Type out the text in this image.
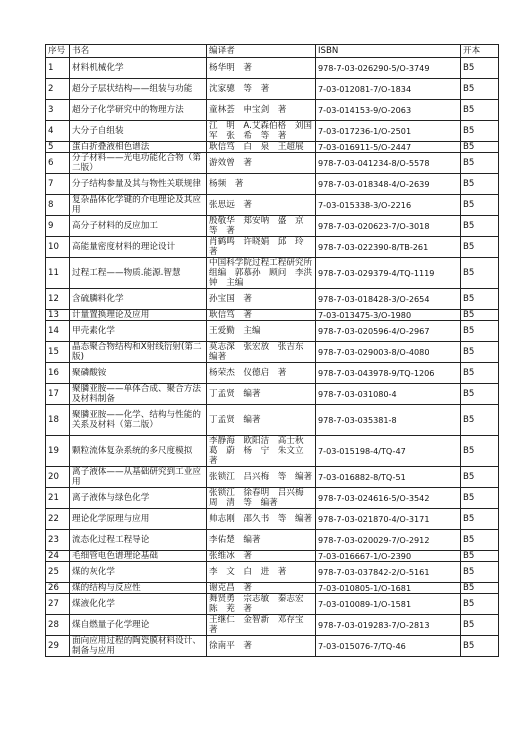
序号	书名	编译者	ISBN	开本
1	材料机械化学	杨华明　著	978-7-03-026290-5/O-3749	B5
2	超分子层状结构——组装与功能	沈家骢　等　著	7-03-012081-7/O-1834	B5
3	超分子化学研究中的物理方法	童林荟　申宝剑　著	7-03-014153-9/O-2063	B5
4	大分子自组装	江　明　A.艾森伯格　刘国军　张　希　等　著	7-03-017236-1/O-2501	B5
5	蛋白折叠液相色谱法	耿信笃　白　泉　王超展	7-03-016911-5/O-2447	B5
6	分子材料——光电功能化合物（第二版）	游效曾　著	978-7-03-041234-8/O-5578	B5
7	分子结构参量及其与物性关联规律	杨频　著	978-7-03-018348-4/O-2639	B5
8	复杂晶体化学键的介电理论及其应用	张思远　著	7-03-015338-3/O-2216	B5
9	高分子材料的反应加工	殷敬华　郑安呐　盛　京　等　著	978-7-03-020623-7/O-3018	B5
10	高能量密度材料的理论设计	肖鹤鸣　许晓娟　邱　玲　著	978-7-03-022390-8/TB-261	B5
11	过程工程——物质.能源.智慧	中国科学院过程工程研究所　组编　郭慕孙　顾问　李洪钟　主编	978-7-03-029379-4/TQ-1119	B5
12	含硫膦料化学	孙宝国　著	978-7-03-018428-3/O-2654	B5
13	计量置换理论及应用	耿信笃　著	7-03-013475-3/O-1980	B5
14	甲壳素化学	王爱勤　主编	978-7-03-020596-4/O-2967	B5
15	晶态聚合物结构和X射线衍射(第二版)	莫志深　张宏放　张吉东　编著	978-7-03-029003-8/O-4080	B5
16	聚磷酸铵	杨荣杰　仪德启　著	978-7-03-043978-9/TQ-1206	B5
17	聚膦亚胺——单体合成、聚合方法及材料制备	丁孟贤　编著	978-7-03-031080-4	B5
18	聚膦亚胺——化学、结构与性能的关系及材料（第二版）	丁孟贤　编著	978-7-03-035381-8	B5
19	颗粒流体复杂系统的多尺度模拟	李静海　欧阳洁　高士秋　葛　蔚　杨　宁　朱文立　著	7-03-015198-4/TQ-47	B5
20	离子液体——从基础研究到工业应用	张锁江　吕兴梅　等　编著	7-03-016882-8/TQ-51	B5
21	离子液体与绿色化学	张锁江　徐春明　吕兴梅　周　清　等　编著	978-7-03-024616-5/O-3542	B5
22	理论化学原理与应用	帅志刚　邵久书　等　编著	978-7-03-021870-4/O-3171	B5
23	流态化过程工程导论	李佑楚　编著	978-7-03-020029-7/O-2912	B5
24	毛细管电色谱理论基础	张维冰　著	7-03-016667-1/O-2390	B5
25	煤的灰化学	李　文　白　进　著	978-7-03-037842-2/O-5161	B5
26	煤的结构与反应性	谢克昌　著	7-03-010805-1/O-1681	B5
27	煤液化化学	舞贤勇　宗志敏　秦志宏　陈　茺　著	7-03-010089-1/O-1581	B5
28	煤自燃量子化学理论	王继仁　金智新　邓存宝　著	978-7-03-019283-7/O-2813	B5
29	面向应用过程的陶瓷膜材料设计、制备与应用	徐南平　著	7-03-015076-7/TQ-46	B5
